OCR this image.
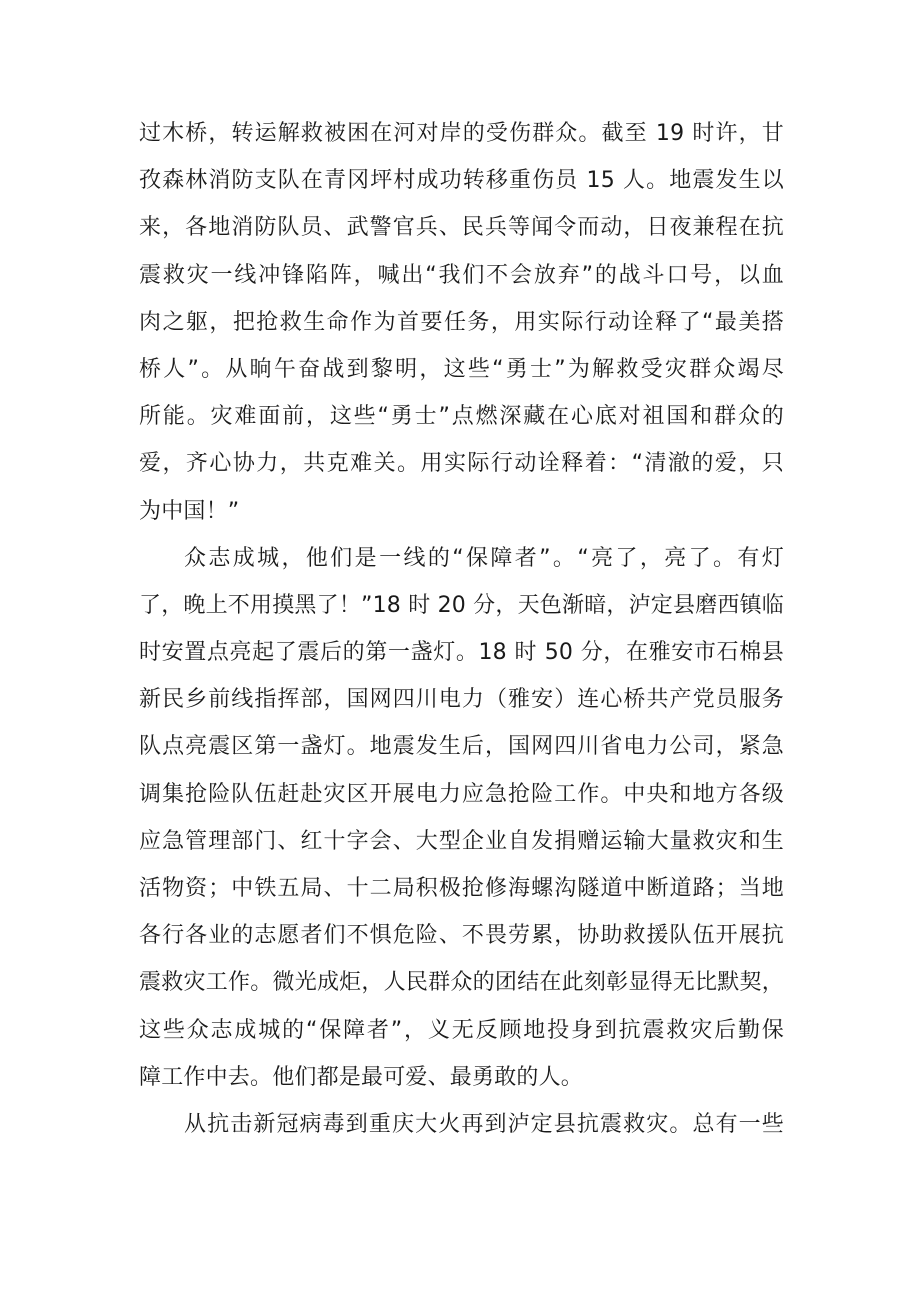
过木桥，转运解救被困在河对岸的受伤群众。截至 19 时许，甘
孜森林消防支队在青冈坪村成功转移重伤员 15 人。地震发生以
来，各地消防队员、武警官兵、民兵等闻令而动，日夜兼程在抗
震救灾一线冲锋陷阵，喊出“我们不会放弃”的战斗口号，以血
肉之躯，把抢救生命作为首要任务，用实际行动诠释了“最美搭
桥人”。从晌午奋战到黎明，这些“勇士”为解救受灾群众竭尽
所能。灾难面前，这些“勇士”点燃深藏在心底对祖国和群众的
爱，齐心协力，共克难关。用实际行动诠释着：“清澈的爱，只
为中国！”
众志成城，他们是一线的“保障者”。“亮了，亮了。有灯
了，晚上不用摸黑了！”18 时 20 分，天色渐暗，泸定县磨西镇临
时安置点亮起了震后的第一盏灯。18 时 50 分，在雅安市石棉县
新民乡前线指挥部，国网四川电力（雅安）连心桥共产党员服务
队点亮震区第一盏灯。地震发生后，国网四川省电力公司，紧急
调集抢险队伍赶赴灾区开展电力应急抢险工作。中央和地方各级
应急管理部门、红十字会、大型企业自发捐赠运输大量救灾和生
活物资；中铁五局、十二局积极抢修海螺沟隧道中断道路；当地
各行各业的志愿者们不惧危险、不畏劳累，协助救援队伍开展抗
震救灾工作。微光成炬，人民群众的团结在此刻彰显得无比默契，
这些众志成城的“保障者”，义无反顾地投身到抗震救灾后勤保
障工作中去。他们都是最可爱、最勇敢的人。
从抗击新冠病毒到重庆大火再到泸定县抗震救灾。总有一些
